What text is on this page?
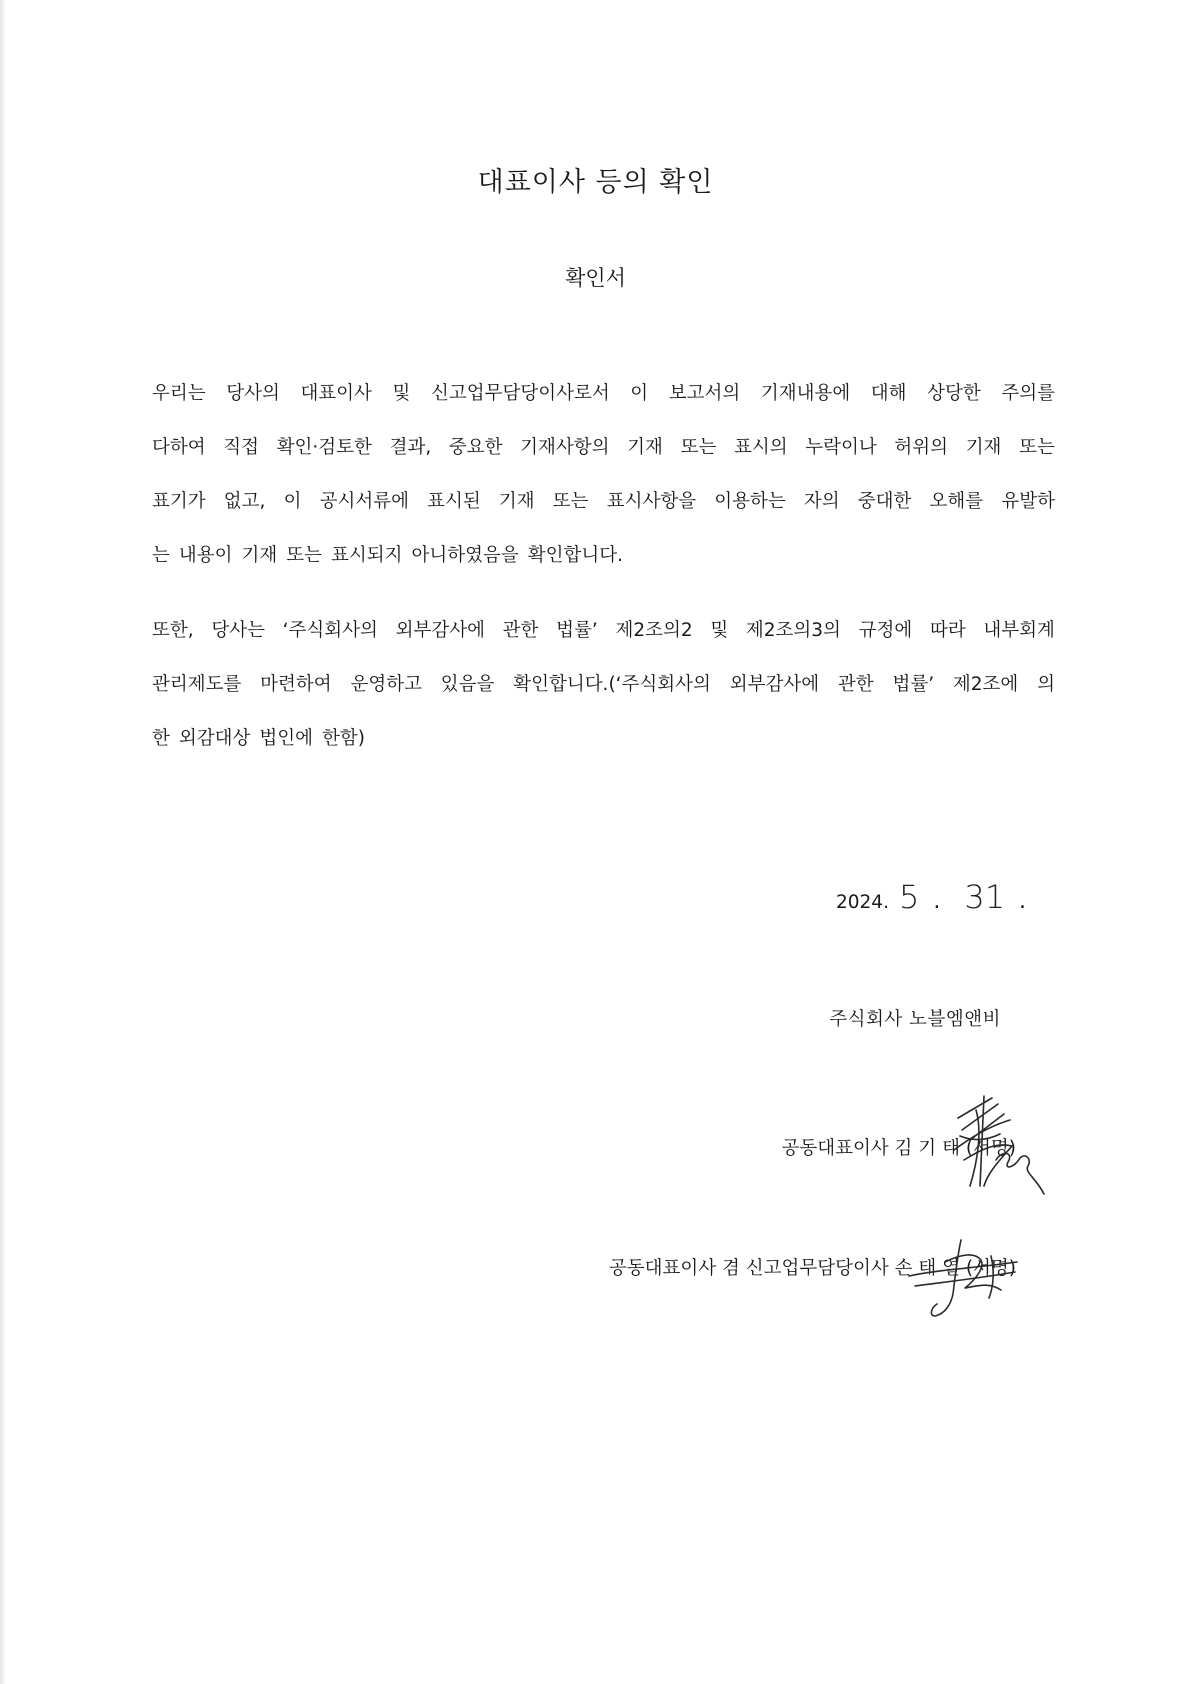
대표이사 등의 확인
확인서
우리는 당사의 대표이사 및 신고업무담당이사로서 이 보고서의 기재내용에 대해 상당한 주의를
다하여 직접 확인·검토한 결과, 중요한 기재사항의 기재 또는 표시의 누락이나 허위의 기재 또는
표기가 없고, 이 공시서류에 표시된 기재 또는 표시사항을 이용하는 자의 중대한 오해를 유발하
는 내용이 기재 또는 표시되지 아니하였음을 확인합니다.
또한, 당사는 ‘주식회사의 외부감사에 관한 법률’ 제2조의2 및 제2조의3의 규정에 따라 내부회계
관리제도를 마련하여 운영하고 있음을 확인합니다.(‘주식회사의 외부감사에 관한 법률’ 제2조에 의
한 외감대상 법인에 한함)
2024. 5 . 31 .
주식회사 노블엠앤비
공동대표이사 김 기 태 (서명)
공동대표이사 겸 신고업무담당이사 손 태 열 (서명)
